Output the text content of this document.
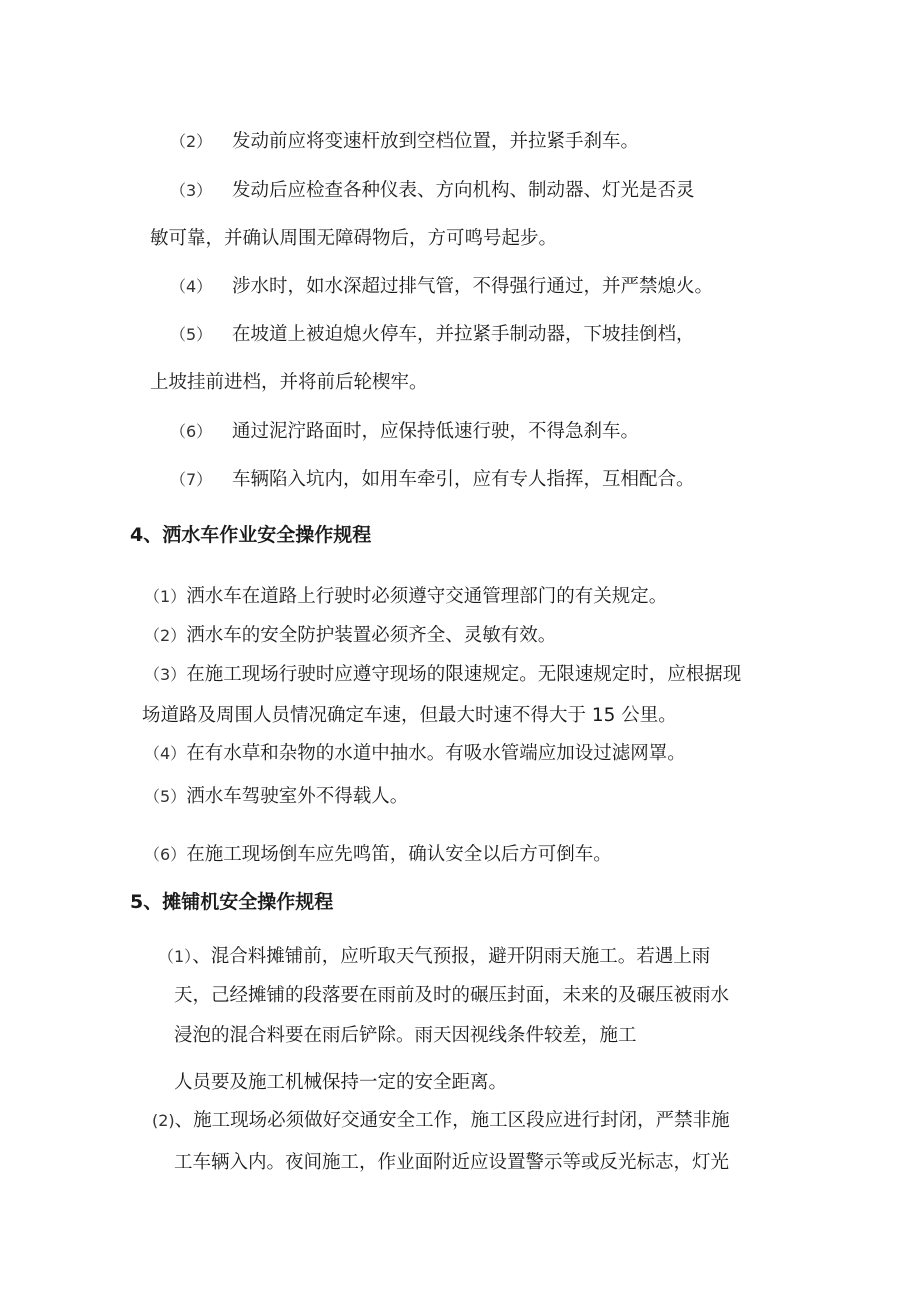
（2） 发动前应将变速杆放到空档位置，并拉紧手刹车。
（3） 发动后应检查各种仪表、方向机构、制动器、灯光是否灵
敏可靠，并确认周围无障碍物后，方可鸣号起步。
（4） 涉水时，如水深超过排气管，不得强行通过，并严禁熄火。
（5） 在坡道上被迫熄火停车，并拉紧手制动器，下坡挂倒档，
上坡挂前进档，并将前后轮楔牢。
（6） 通过泥泞路面时，应保持低速行驶，不得急刹车。
（7） 车辆陷入坑内，如用车牵引，应有专人指挥，互相配合。
4、洒水车作业安全操作规程
（1）洒水车在道路上行驶时必须遵守交通管理部门的有关规定。
（2）洒水车的安全防护装置必须齐全、灵敏有效。
（3）在施工现场行驶时应遵守现场的限速规定。无限速规定时，应根据现
场道路及周围人员情况确定车速，但最大时速不得大于 15 公里。
（4）在有水草和杂物的水道中抽水。有吸水管端应加设过滤网罩。
（5）洒水车驾驶室外不得载人。
（6）在施工现场倒车应先鸣笛，确认安全以后方可倒车。
5、摊铺机安全操作规程
（1）、混合料摊铺前，应听取天气预报，避开阴雨天施工。若遇上雨
天，己经摊铺的段落要在雨前及时的碾压封面，未来的及碾压被雨水
浸泡的混合料要在雨后铲除。雨天因视线条件较差，施工
人员要及施工机械保持一定的安全距离。
(2)、施工现场必须做好交通安全工作，施工区段应进行封闭，严禁非施
工车辆入内。夜间施工，作业面附近应设置警示等或反光标志，灯光
